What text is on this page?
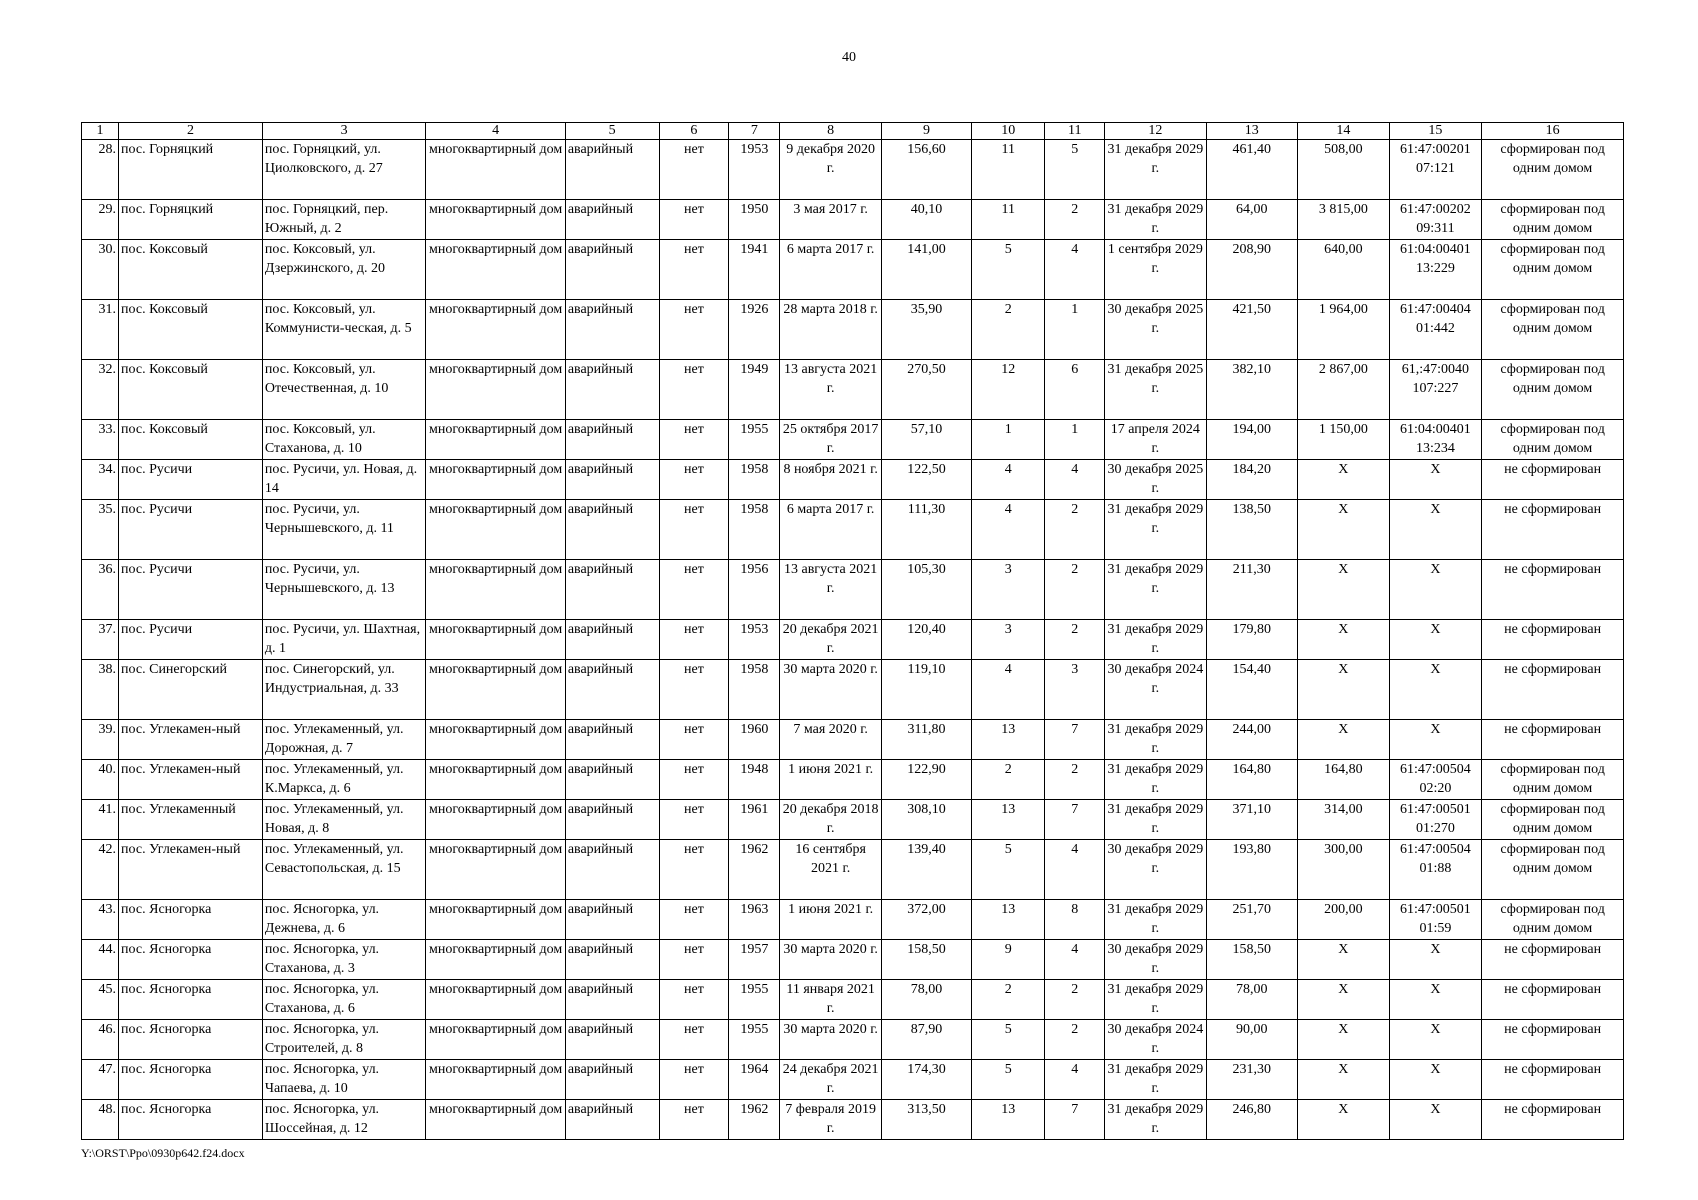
40
1	2	3	4	5	6	7	8	9	10	11	12	13	14	15	16
28.	пос. Горняцкий	пос. Горняцкий, ул. Циолковского, д. 27	многоквартирный дом	аварийный	нет	1953	9 декабря 2020 г.	156,60	11	5	31 декабря 2029 г.	461,40	508,00	61:47:00201 07:121	сформирован под одним домом
29.	пос. Горняцкий	пос. Горняцкий, пер. Южный, д. 2	многоквартирный дом	аварийный	нет	1950	3 мая 2017 г.	40,10	11	2	31 декабря 2029 г.	64,00	3 815,00	61:47:00202 09:311	сформирован под одним домом
30.	пос. Коксовый	пос. Коксовый, ул. Дзержинского, д. 20	многоквартирный дом	аварийный	нет	1941	6 марта 2017 г.	141,00	5	4	1 сентября 2029 г.	208,90	640,00	61:04:00401 13:229	сформирован под одним домом
31.	пос. Коксовый	пос. Коксовый, ул. Коммунисти-ческая, д. 5	многоквартирный дом	аварийный	нет	1926	28 марта 2018 г.	35,90	2	1	30 декабря 2025 г.	421,50	1 964,00	61:47:00404 01:442	сформирован под одним домом
32.	пос. Коксовый	пос. Коксовый, ул. Отечественная, д. 10	многоквартирный дом	аварийный	нет	1949	13 августа 2021 г.	270,50	12	6	31 декабря 2025 г.	382,10	2 867,00	61,:47:0040 107:227	сформирован под одним домом
33.	пос. Коксовый	пос. Коксовый, ул. Стаханова, д. 10	многоквартирный дом	аварийный	нет	1955	25 октября 2017 г.	57,10	1	1	17 апреля 2024 г.	194,00	1 150,00	61:04:00401 13:234	сформирован под одним домом
34.	пос. Русичи	пос. Русичи, ул. Новая, д. 14	многоквартирный дом	аварийный	нет	1958	8 ноября 2021 г.	122,50	4	4	30 декабря 2025 г.	184,20	Х	Х	не сформирован
35.	пос. Русичи	пос. Русичи, ул. Чернышевского, д. 11	многоквартирный дом	аварийный	нет	1958	6 марта 2017 г.	111,30	4	2	31 декабря 2029 г.	138,50	Х	Х	не сформирован
36.	пос. Русичи	пос. Русичи, ул. Чернышевского, д. 13	многоквартирный дом	аварийный	нет	1956	13 августа 2021 г.	105,30	3	2	31 декабря 2029 г.	211,30	Х	Х	не сформирован
37.	пос. Русичи	пос. Русичи, ул. Шахтная, д. 1	многоквартирный дом	аварийный	нет	1953	20 декабря 2021 г.	120,40	3	2	31 декабря 2029 г.	179,80	Х	Х	не сформирован
38.	пос. Синегорский	пос. Синегорский, ул. Индустриальная, д. 33	многоквартирный дом	аварийный	нет	1958	30 марта 2020 г.	119,10	4	3	30 декабря 2024 г.	154,40	Х	Х	не сформирован
39.	пос. Углекамен-ный	пос. Углекаменный, ул. Дорожная, д. 7	многоквартирный дом	аварийный	нет	1960	7 мая 2020 г.	311,80	13	7	31 декабря 2029 г.	244,00	Х	Х	не сформирован
40.	пос. Углекамен-ный	пос. Углекаменный, ул. К.Маркса, д. 6	многоквартирный дом	аварийный	нет	1948	1 июня 2021 г.	122,90	2	2	31 декабря 2029 г.	164,80	164,80	61:47:00504 02:20	сформирован под одним домом
41.	пос. Углекаменный	пос. Углекаменный, ул. Новая, д. 8	многоквартирный дом	аварийный	нет	1961	20 декабря 2018 г.	308,10	13	7	31 декабря 2029 г.	371,10	314,00	61:47:00501 01:270	сформирован под одним домом
42.	пос. Углекамен-ный	пос. Углекаменный, ул. Севастопольская, д. 15	многоквартирный дом	аварийный	нет	1962	16 сентября 2021 г.	139,40	5	4	30 декабря 2029 г.	193,80	300,00	61:47:00504 01:88	сформирован под одним домом
43.	пос. Ясногорка	пос. Ясногорка, ул. Дежнева, д. 6	многоквартирный дом	аварийный	нет	1963	1 июня 2021 г.	372,00	13	8	31 декабря 2029 г.	251,70	200,00	61:47:00501 01:59	сформирован под одним домом
44.	пос. Ясногорка	пос. Ясногорка, ул. Стаханова, д. 3	многоквартирный дом	аварийный	нет	1957	30 марта 2020 г.	158,50	9	4	30 декабря 2029 г.	158,50	Х	Х	не сформирован
45.	пос. Ясногорка	пос. Ясногорка, ул. Стаханова, д. 6	многоквартирный дом	аварийный	нет	1955	11 января 2021 г.	78,00	2	2	31 декабря 2029 г.	78,00	Х	Х	не сформирован
46.	пос. Ясногорка	пос. Ясногорка, ул. Строителей, д. 8	многоквартирный дом	аварийный	нет	1955	30 марта 2020 г.	87,90	5	2	30 декабря 2024 г.	90,00	Х	Х	не сформирован
47.	пос. Ясногорка	пос. Ясногорка, ул. Чапаева, д. 10	многоквартирный дом	аварийный	нет	1964	24 декабря 2021 г.	174,30	5	4	31 декабря 2029 г.	231,30	Х	Х	не сформирован
48.	пос. Ясногорка	пос. Ясногорка, ул. Шоссейная, д. 12	многоквартирный дом	аварийный	нет	1962	7 февраля 2019 г.	313,50	13	7	31 декабря 2029 г.	246,80	Х	Х	не сформирован
Y:\ORST\Ppo\0930p642.f24.docx
